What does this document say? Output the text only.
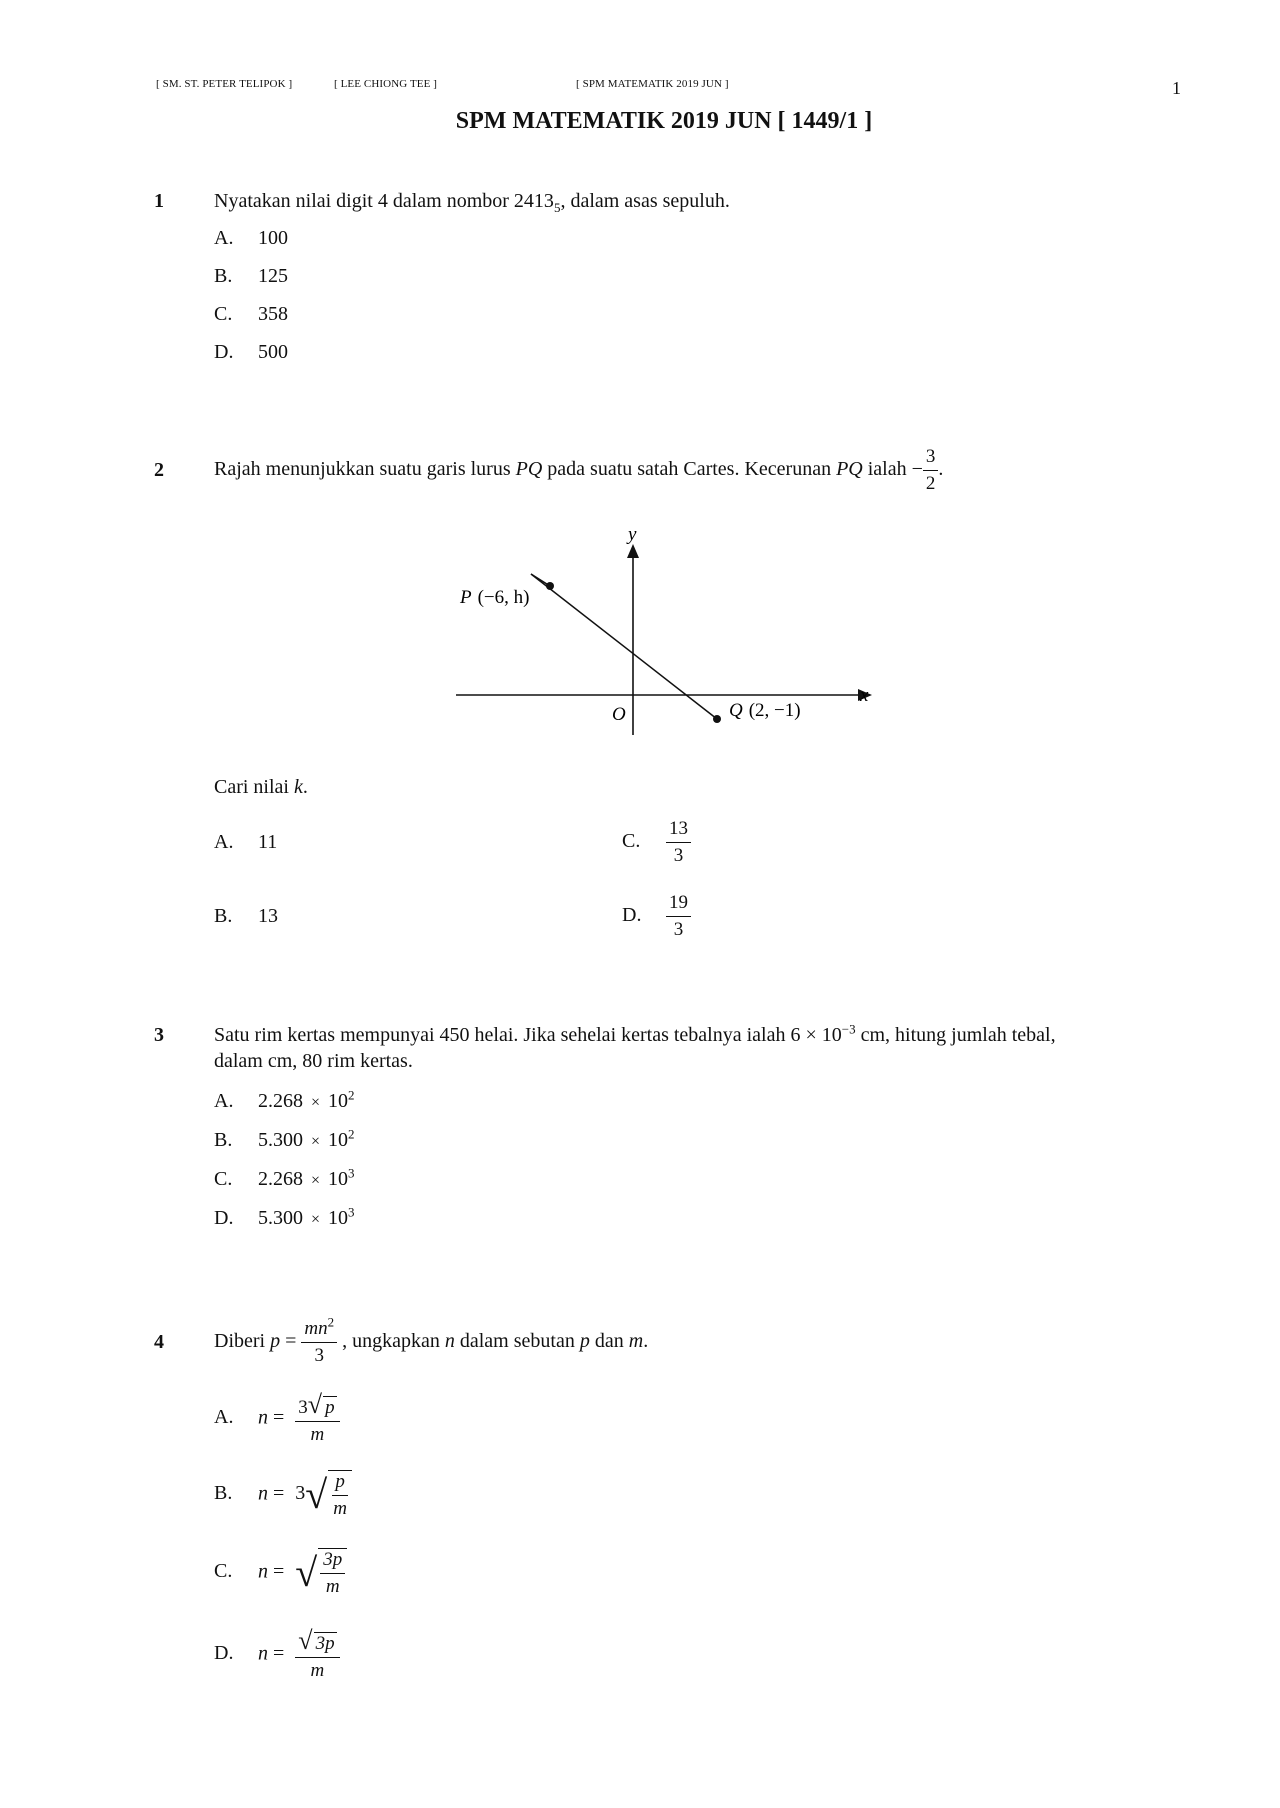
[ SM. ST. PETER TELIPOK ]	[ LEE CHIONG TEE ]	[ SPM MATEMATIK 2019 JUN ]	1
SPM MATEMATIK 2019 JUN [ 1449/1 ]
1	Nyatakan nilai digit 4 dalam nombor $2413_5$, dalam asas sepuluh.
A. 100
B. 125
C. 358
D. 500
2	Rajah menunjukkan suatu garis lurus PQ pada suatu satah Cartes. Kecerunan PQ ialah − $\frac{3}{2}$ .
y
x
O
P (−6, h)
Q (2, −1)
Cari nilai k.
A. 11
B. 13
C. $\frac{13}{3}$
D. $\frac{19}{3}$
3	Satu rim kertas mempunyai 450 helai. Jika sehelai kertas tebalnya ialah $6 \times 10^{-3}$ cm, hitung jumlah tebal,
dalam cm, 80 rim kertas.
A. $2.268 \times 10^2$
B. $5.300 \times 10^2$
C. $2.268 \times 10^3$
D. $5.300 \times 10^3$
4	Diberi $p = \frac{mn^2}{3}$ , ungkapkan n dalam sebutan p dan m.
A. $n = \frac{3√ p}{m}$
B. $n = 3√ \frac{p}{m}$
C. n = √ $\frac{3p}{m}$
D. $n = \frac{√ 3p}{m}$
